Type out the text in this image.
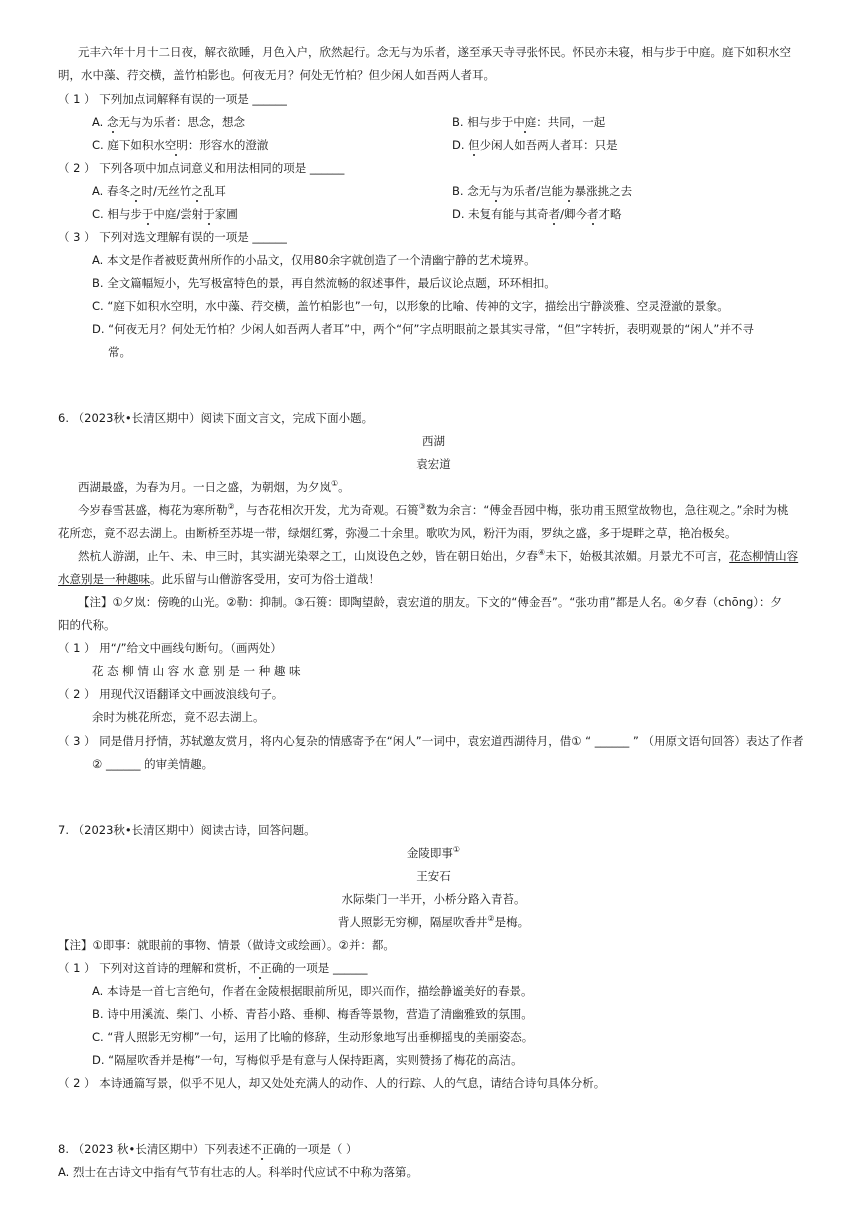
元丰六年十月十二日夜，解衣欲睡，月色入户，欣然起行。念无与为乐者，遂至承天寺寻张怀民。怀民亦未寝，相与步于中庭。庭下如积水空
明，水中藻、荇交横，盖竹柏影也。何夜无月？何处无竹柏？但少闲人如吾两人者耳。
（ 1 ） 下列加点词解释有误的一项是 ______
A. 念无与为乐者：思念，想念	B. 相与步于中庭：共同，一起
C. 庭下如积水空明：形容水的澄澈	D. 但少闲人如吾两人者耳：只是
（ 2 ） 下列各项中加点词意义和用法相同的项是 ______
A. 春冬之时/无丝竹之乱耳	B. 念无与为乐者/岂能为暴涨挑之去
C. 相与步于中庭/尝射于家圃	D. 未复有能与其奇者/卿今者才略
（ 3 ） 下列对选文理解有误的一项是 ______
A. 本文是作者被贬黄州所作的小品文，仅用80余字就创造了一个清幽宁静的艺术境界。
B. 全文篇幅短小，先写极富特色的景，再自然流畅的叙述事件，最后议论点题，环环相扣。
C. “庭下如积水空明，水中藻、荇交横，盖竹柏影也”一句，以形象的比喻、传神的文字，描绘出宁静淡雅、空灵澄澈的景象。
D. “何夜无月？何处无竹柏？少闲人如吾两人者耳”中，两个“何”字点明眼前之景其实寻常，“但”字转折，表明观景的“闲人”并不寻
常。
6. （2023秋•长清区期中）阅读下面文言文，完成下面小题。
西湖
袁宏道
西湖最盛，为春为月。一日之盛，为朝烟，为夕岚①。
今岁春雪甚盛，梅花为寒所勒②，与杏花相次开发，尤为奇观。石篑③数为余言：“傅金吾园中梅，张功甫玉照堂故物也，急往观之。”余时为桃
花所恋，竟不忍去湖上。由断桥至苏堤一带，绿烟红雾，弥漫二十余里。歌吹为风，粉汗为雨，罗纨之盛，多于堤畔之草，艳冶极矣。
然杭人游湖，止午、未、申三时，其实湖光染翠之工，山岚设色之妙，皆在朝日始出，夕舂④未下，始极其浓媚。月景尤不可言，花态柳情山容
水意别是一种趣味。此乐留与山僧游客受用，安可为俗士道哉！
【注】①夕岚：傍晚的山光。②勒：抑制。③石篑：即陶望龄，袁宏道的朋友。下文的“傅金吾”。“张功甫”都是人名。④夕舂（chōng）：夕
阳的代称。
（ 1 ） 用“/”给文中画线句断句。（画两处）
花 态 柳 情 山 容 水 意 别 是 一 种 趣 味
（ 2 ） 用现代汉语翻译文中画波浪线句子。
余时为桃花所恋，竟不忍去湖上。
（ 3 ） 同是借月抒情，苏轼邀友赏月，将内心复杂的情感寄予在“闲人”一词中，袁宏道西湖待月，借① “ ______ ” （用原文语句回答）表达了作者
② ______ 的审美情趣。
7. （2023秋•长清区期中）阅读古诗，回答问题。
金陵即事①
王安石
水际柴门一半开，小桥分路入青苔。
背人照影无穷柳，隔屋吹香井②是梅。
【注】①即事：就眼前的事物、情景（做诗文或绘画）。②并：都。
（ 1 ） 下列对这首诗的理解和赏析，不正确的一项是 ______
A. 本诗是一首七言绝句，作者在金陵根据眼前所见，即兴而作，描绘静谧美好的春景。
B. 诗中用溪流、柴门、小桥、青苔小路、垂柳、梅香等景物，营造了清幽雅致的氛围。
C. “背人照影无穷柳”一句，运用了比喻的修辞，生动形象地写出垂柳摇曳的美丽姿态。
D. “隔屋吹香并是梅”一句，写梅似乎是有意与人保持距离，实则赞扬了梅花的高洁。
（ 2 ） 本诗通篇写景，似乎不见人，却又处处充满人的动作、人的行踪、人的气息，请结合诗句具体分析。
8. （2023 秋•长清区期中）下列表述不正确的一项是（ ）
A. 烈士在古诗文中指有气节有壮志的人。科举时代应试不中称为落第。
